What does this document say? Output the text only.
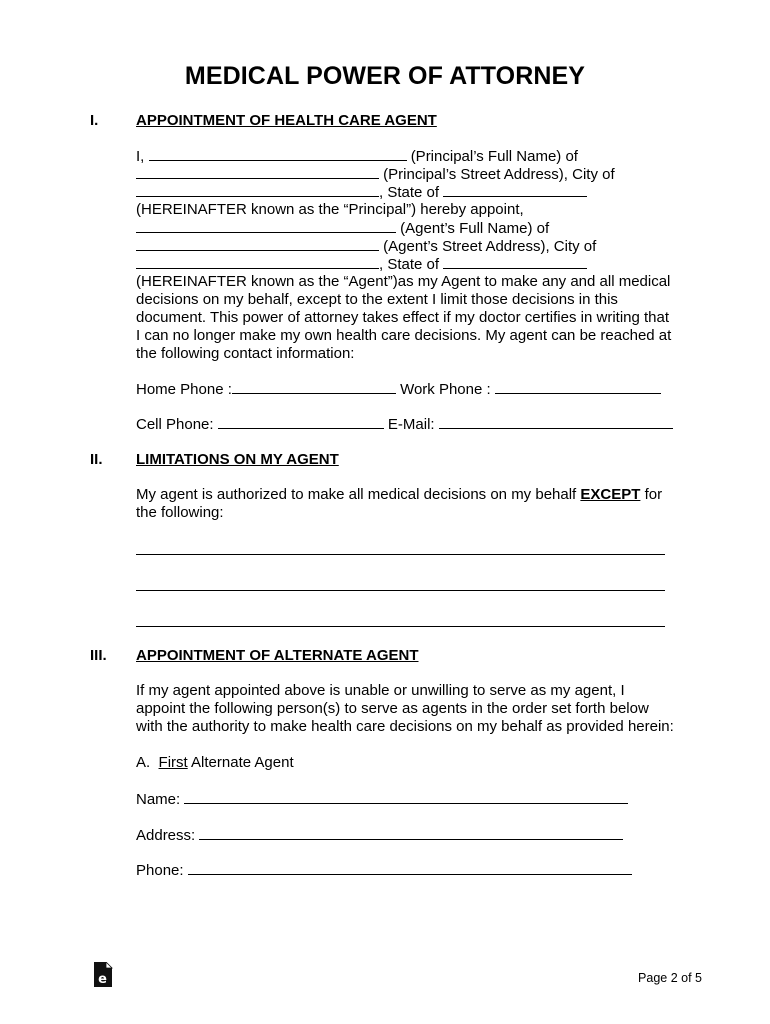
MEDICAL POWER OF ATTORNEY
I.	APPOINTMENT OF HEALTH CARE AGENT
I,	(Principal’s Full Name) of
(Principal’s Street Address), City of
, State of
(HEREINAFTER known as the “Principal”) hereby appoint,
(Agent’s Full Name) of
(Agent’s Street Address), City of
, State of
(HEREINAFTER known as the “Agent”)as my Agent to make any and all medical
decisions on my behalf, except to the extent I limit those decisions in this
document. This power of attorney takes effect if my doctor certifies in writing that
I can no longer make my own health care decisions. My agent can be reached at
the following contact information:
Home Phone :	Work Phone :
Cell Phone:	E-Mail:
II. LIMITATIONS ON MY AGENT
My agent is authorized to make all medical decisions on my behalf EXCEPT for
the following:
III. APPOINTMENT OF ALTERNATE AGENT
If my agent appointed above is unable or unwilling to serve as my agent, I
appoint the following person(s) to serve as agents in the order set forth below
with the authority to make health care decisions on my behalf as provided herein:
A. First Alternate Agent
Name:
Address:
Phone:
e	Page 2 of 5
